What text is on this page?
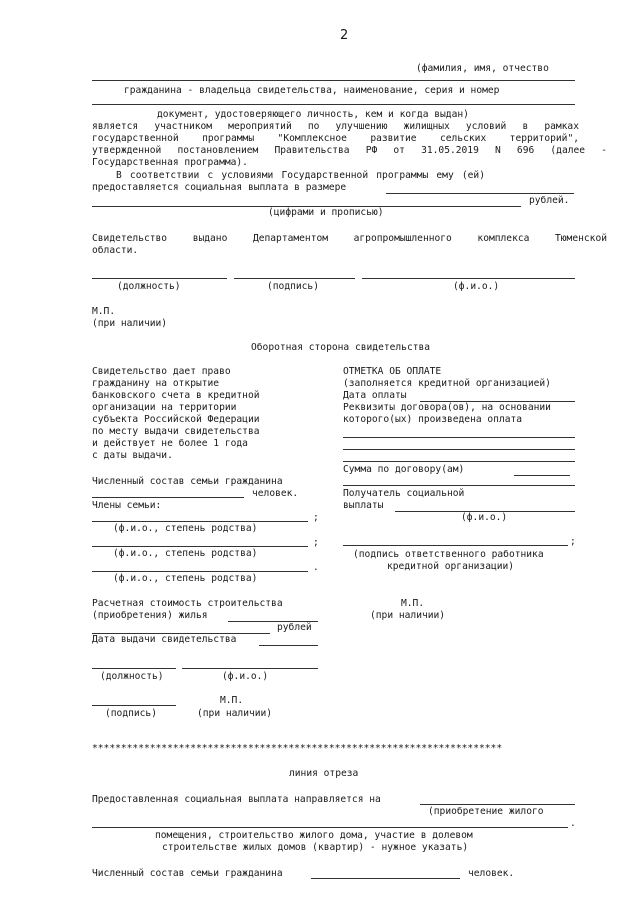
2
(фамилия, имя, отчество
гражданина - владельца свидетельства, наименование, серия и номер
документ, удостоверяющего личность, кем и когда выдан)
является участником мероприятий по улучшению жилищных условий в рамках
государственной программы "Комплексное развитие сельских территорий",
утвержденной постановлением Правительства РФ от 31.05.2019 N 696 (далее -
Государственная программа).
В соответствии с условиями Государственной программы ему (ей)
предоставляется социальная выплата в размере
рублей.
(цифрами и прописью)
Свидетельство выдано Департаментом агропромышленного комплекса Тюменской
области.
(должность)	(подпись)	(ф.и.о.)
М.П.
(при наличии)
Оборотная сторона свидетельства
Свидетельство дает право
гражданину на открытие
банковского счета в кредитной
организации на территории
субъекта Российской Федерации
по месту выдачи свидетельства
и действует не более 1 года
с даты выдачи.
Численный состав семьи гражданина
человек.
Члены семьи:
;
(ф.и.о., степень родства)
;
(ф.и.о., степень родства)
.
(ф.и.о., степень родства)
Расчетная стоимость строительства
(приобретения) жилья
рублей
Дата выдачи свидетельства
(должность)	(ф.и.о.)
М.П.
(подпись)	(при наличии)
ОТМЕТКА ОБ ОПЛАТЕ
(заполняется кредитной организацией)
Дата оплаты
Реквизиты договора(ов), на основании
которого(ых) произведена оплата
Сумма по договору(ам)
Получатель социальной
выплаты
(ф.и.о.)
;
(подпись ответственного работника
кредитной организации)
М.П.
(при наличии)
***********************************************************************
линия отреза
Предоставленная социальная выплата направляется на
(приобретение жилого
.
помещения, строительство жилого дома, участие в долевом
строительстве жилых домов (квартир) - нужное указать)
Численный состав семьи гражданина	человек.
